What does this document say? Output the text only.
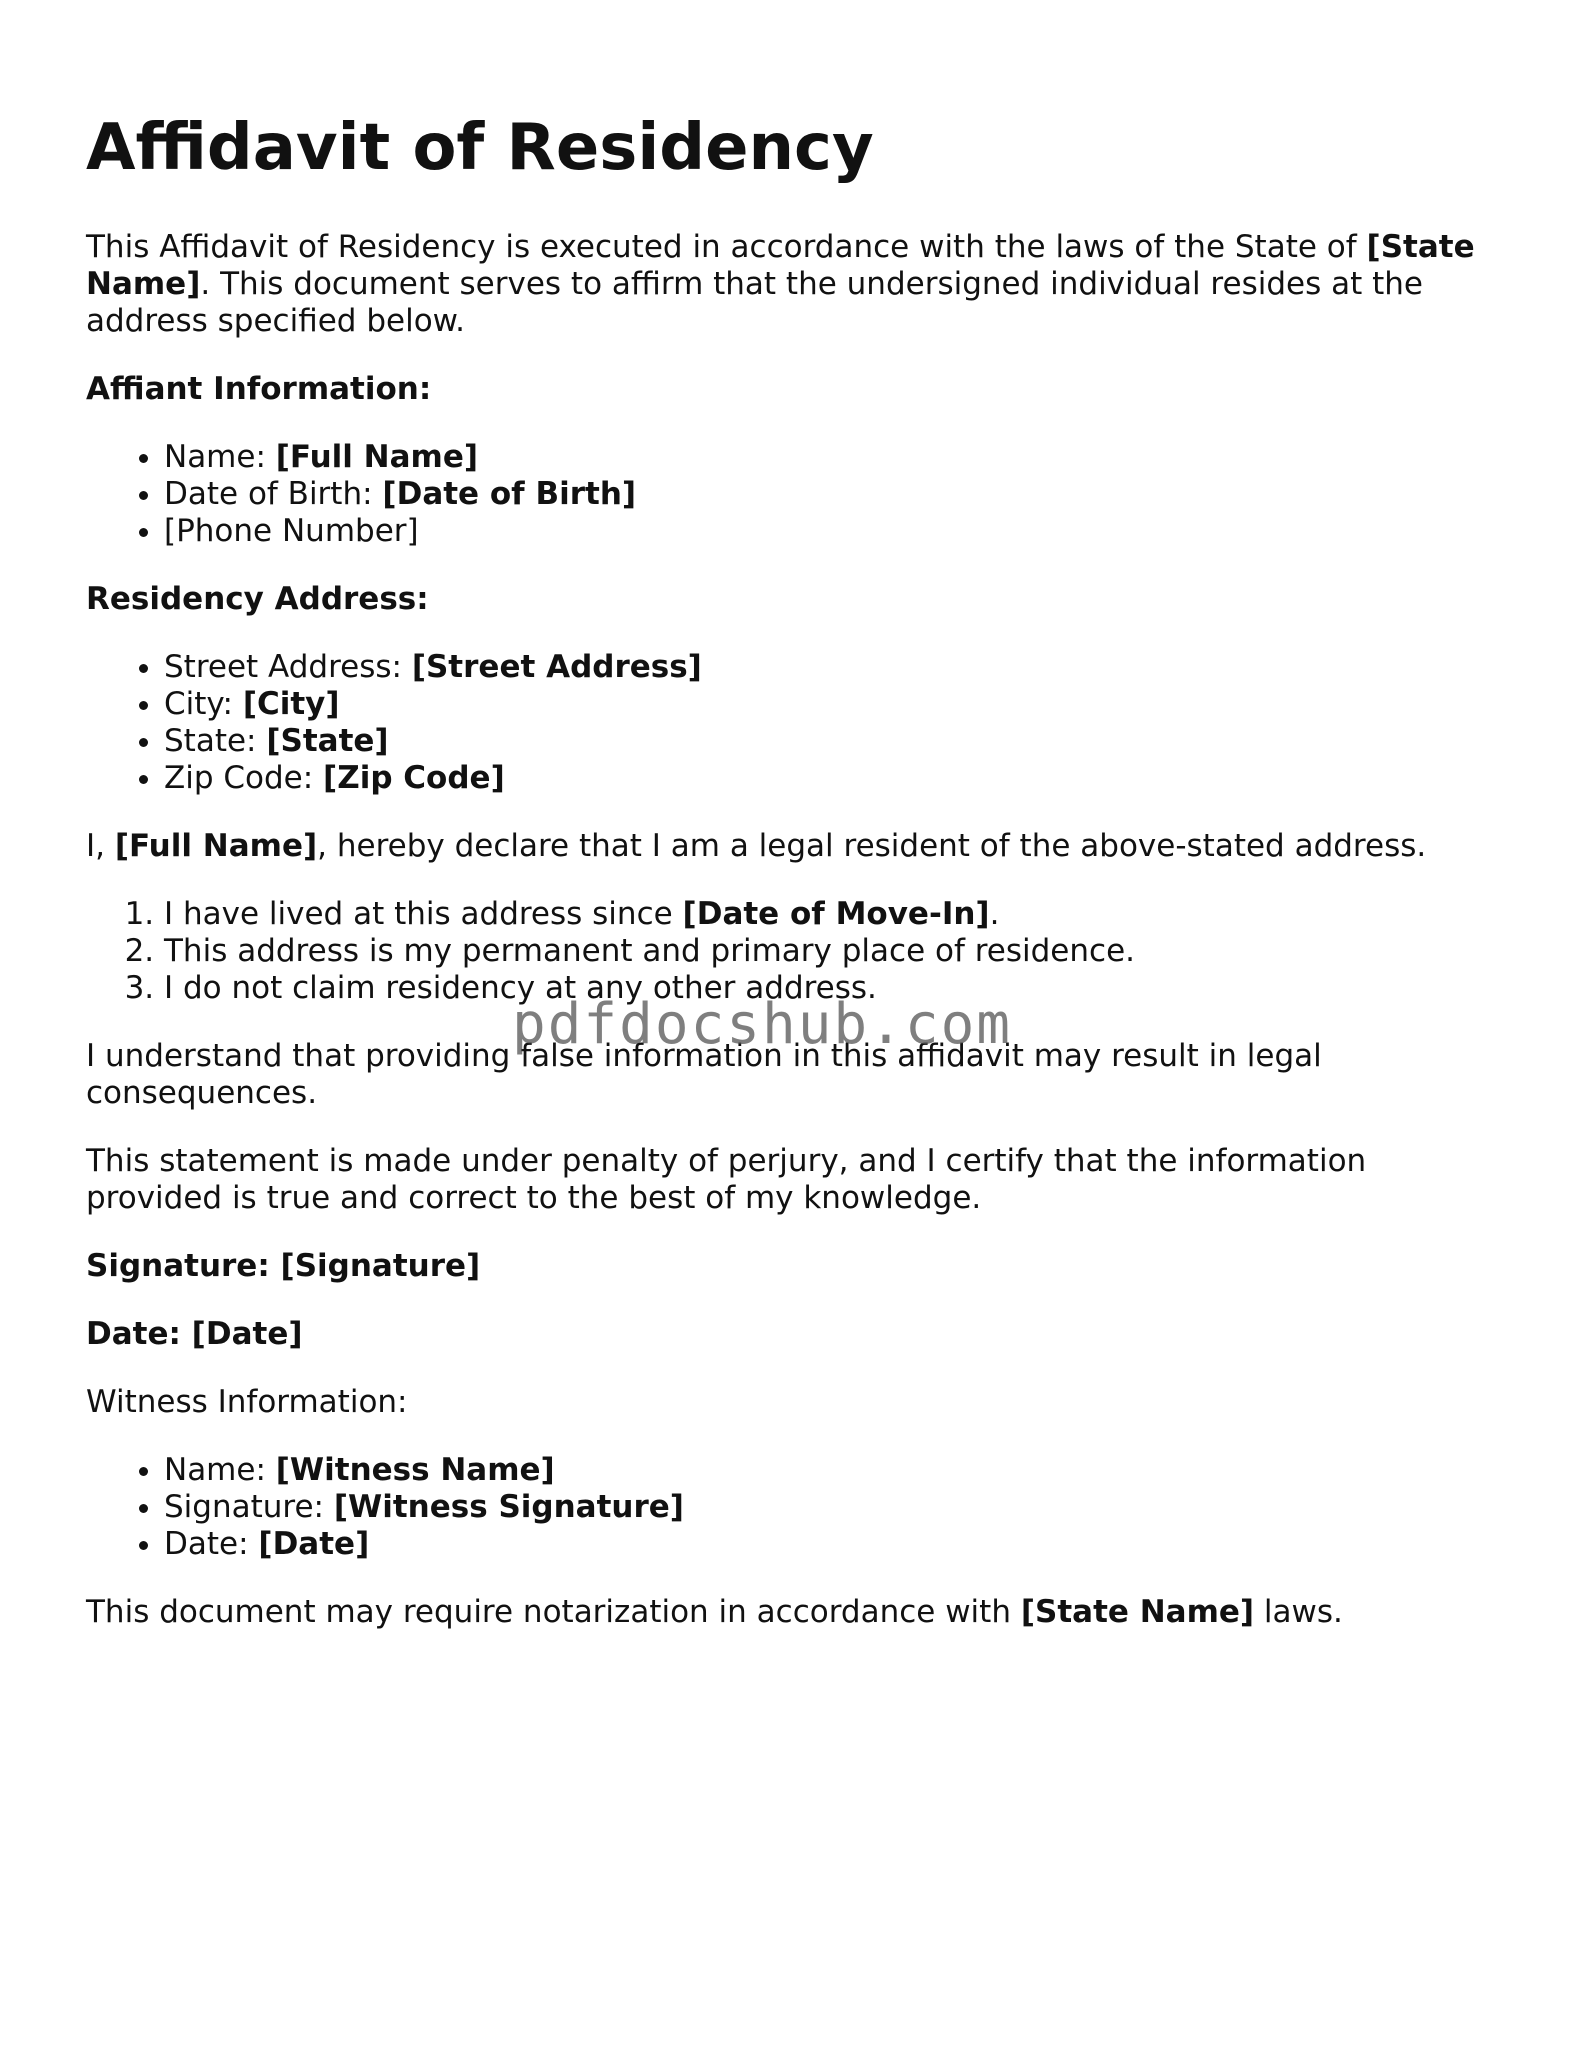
Affidavit of Residency

This Affidavit of Residency is executed in accordance with the laws of the State of [State Name]. This document serves to affirm that the undersigned individual resides at the address specified below.

Affiant Information:

• Name: [Full Name]
• Date of Birth: [Date of Birth]
• [Phone Number]

Residency Address:

• Street Address: [Street Address]
• City: [City]
• State: [State]
• Zip Code: [Zip Code]

I, [Full Name], hereby declare that I am a legal resident of the above-stated address.

1. I have lived at this address since [Date of Move-In].
2. This address is my permanent and primary place of residence.
3. I do not claim residency at any other address.

I understand that providing false information in this affidavit may result in legal consequences.

This statement is made under penalty of perjury, and I certify that the information provided is true and correct to the best of my knowledge.

Signature: [Signature]

Date: [Date]

Witness Information:

• Name: [Witness Name]
• Signature: [Witness Signature]
• Date: [Date]

This document may require notarization in accordance with [State Name] laws.

pdfdocshub.com
